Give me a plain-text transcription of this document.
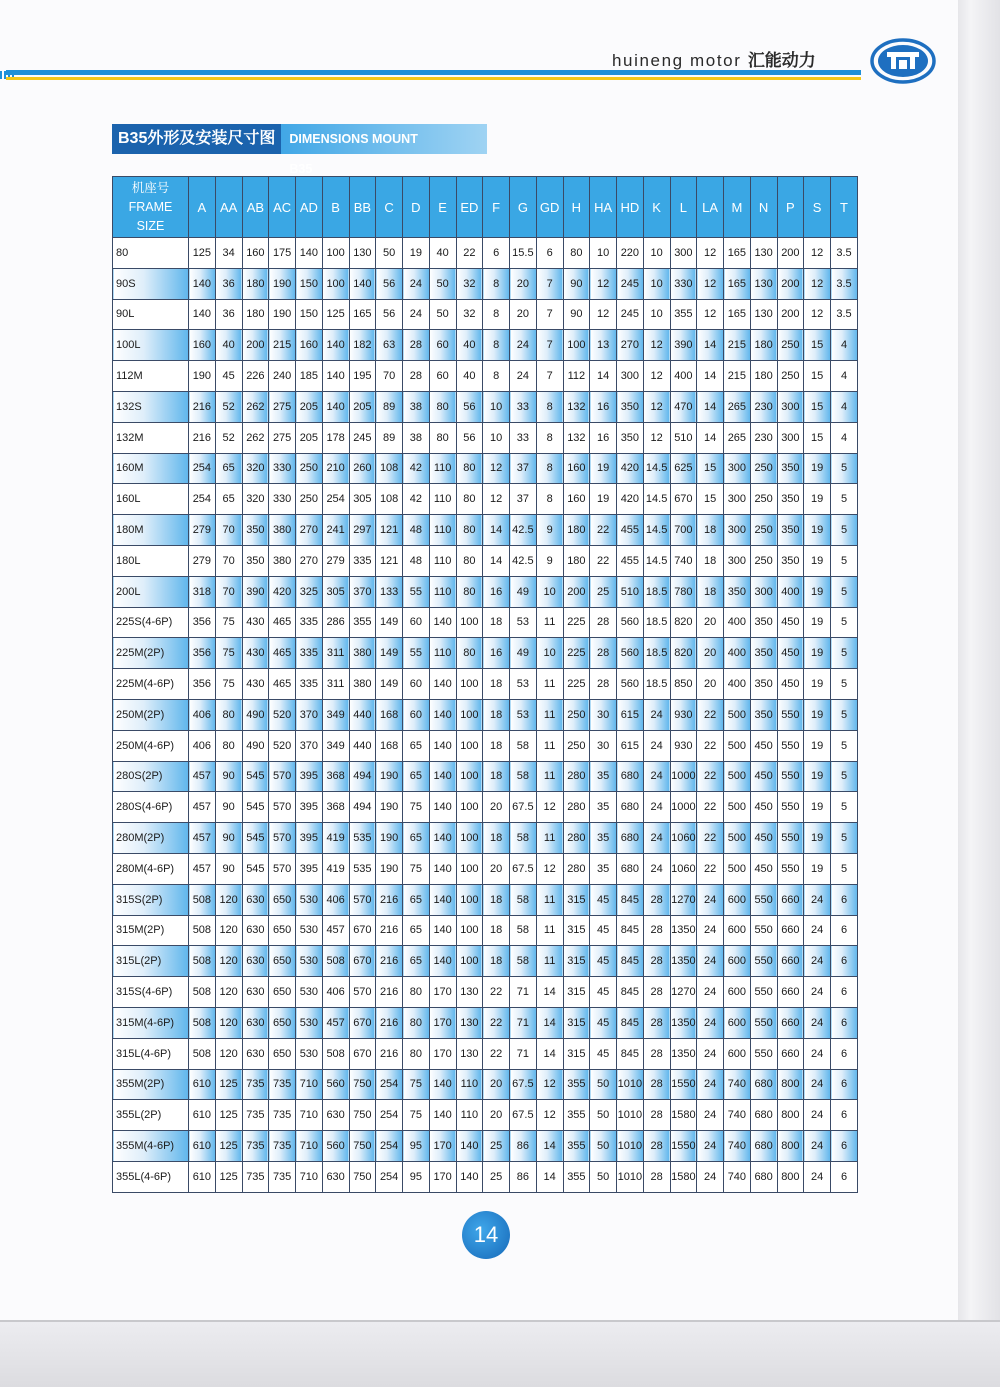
huineng motor 汇能动力
B35外形及安装尺寸图	DIMENSIONS MOUNT B35
机座号
FRAME
SIZE	A	AA	AB	AC	AD	B	BB	C	D	E	ED	F	G	GD	H	HA	HD	K	L	LA	M	N	P	S	T
80	125	34	160	175	140	100	130	50	19	40	22	6	15.5	6	80	10	220	10	300	12	165	130	200	12	3.5
90S	140	36	180	190	150	100	140	56	24	50	32	8	20	7	90	12	245	10	330	12	165	130	200	12	3.5
90L	140	36	180	190	150	125	165	56	24	50	32	8	20	7	90	12	245	10	355	12	165	130	200	12	3.5
100L	160	40	200	215	160	140	182	63	28	60	40	8	24	7	100	13	270	12	390	14	215	180	250	15	4
112M	190	45	226	240	185	140	195	70	28	60	40	8	24	7	112	14	300	12	400	14	215	180	250	15	4
132S	216	52	262	275	205	140	205	89	38	80	56	10	33	8	132	16	350	12	470	14	265	230	300	15	4
132M	216	52	262	275	205	178	245	89	38	80	56	10	33	8	132	16	350	12	510	14	265	230	300	15	4
160M	254	65	320	330	250	210	260	108	42	110	80	12	37	8	160	19	420	14.5	625	15	300	250	350	19	5
160L	254	65	320	330	250	254	305	108	42	110	80	12	37	8	160	19	420	14.5	670	15	300	250	350	19	5
180M	279	70	350	380	270	241	297	121	48	110	80	14	42.5	9	180	22	455	14.5	700	18	300	250	350	19	5
180L	279	70	350	380	270	279	335	121	48	110	80	14	42.5	9	180	22	455	14.5	740	18	300	250	350	19	5
200L	318	70	390	420	325	305	370	133	55	110	80	16	49	10	200	25	510	18.5	780	18	350	300	400	19	5
225S(4-6P)	356	75	430	465	335	286	355	149	60	140	100	18	53	11	225	28	560	18.5	820	20	400	350	450	19	5
225M(2P)	356	75	430	465	335	311	380	149	55	110	80	16	49	10	225	28	560	18.5	820	20	400	350	450	19	5
225M(4-6P)	356	75	430	465	335	311	380	149	60	140	100	18	53	11	225	28	560	18.5	850	20	400	350	450	19	5
250M(2P)	406	80	490	520	370	349	440	168	60	140	100	18	53	11	250	30	615	24	930	22	500	350	550	19	5
250M(4-6P)	406	80	490	520	370	349	440	168	65	140	100	18	58	11	250	30	615	24	930	22	500	450	550	19	5
280S(2P)	457	90	545	570	395	368	494	190	65	140	100	18	58	11	280	35	680	24	1000	22	500	450	550	19	5
280S(4-6P)	457	90	545	570	395	368	494	190	75	140	100	20	67.5	12	280	35	680	24	1000	22	500	450	550	19	5
280M(2P)	457	90	545	570	395	419	535	190	65	140	100	18	58	11	280	35	680	24	1060	22	500	450	550	19	5
280M(4-6P)	457	90	545	570	395	419	535	190	75	140	100	20	67.5	12	280	35	680	24	1060	22	500	450	550	19	5
315S(2P)	508	120	630	650	530	406	570	216	65	140	100	18	58	11	315	45	845	28	1270	24	600	550	660	24	6
315M(2P)	508	120	630	650	530	457	670	216	65	140	100	18	58	11	315	45	845	28	1350	24	600	550	660	24	6
315L(2P)	508	120	630	650	530	508	670	216	65	140	100	18	58	11	315	45	845	28	1350	24	600	550	660	24	6
315S(4-6P)	508	120	630	650	530	406	570	216	80	170	130	22	71	14	315	45	845	28	1270	24	600	550	660	24	6
315M(4-6P)	508	120	630	650	530	457	670	216	80	170	130	22	71	14	315	45	845	28	1350	24	600	550	660	24	6
315L(4-6P)	508	120	630	650	530	508	670	216	80	170	130	22	71	14	315	45	845	28	1350	24	600	550	660	24	6
355M(2P)	610	125	735	735	710	560	750	254	75	140	110	20	67.5	12	355	50	1010	28	1550	24	740	680	800	24	6
355L(2P)	610	125	735	735	710	630	750	254	75	140	110	20	67.5	12	355	50	1010	28	1580	24	740	680	800	24	6
355M(4-6P)	610	125	735	735	710	560	750	254	95	170	140	25	86	14	355	50	1010	28	1550	24	740	680	800	24	6
355L(4-6P)	610	125	735	735	710	630	750	254	95	170	140	25	86	14	355	50	1010	28	1580	24	740	680	800	24	6
14
